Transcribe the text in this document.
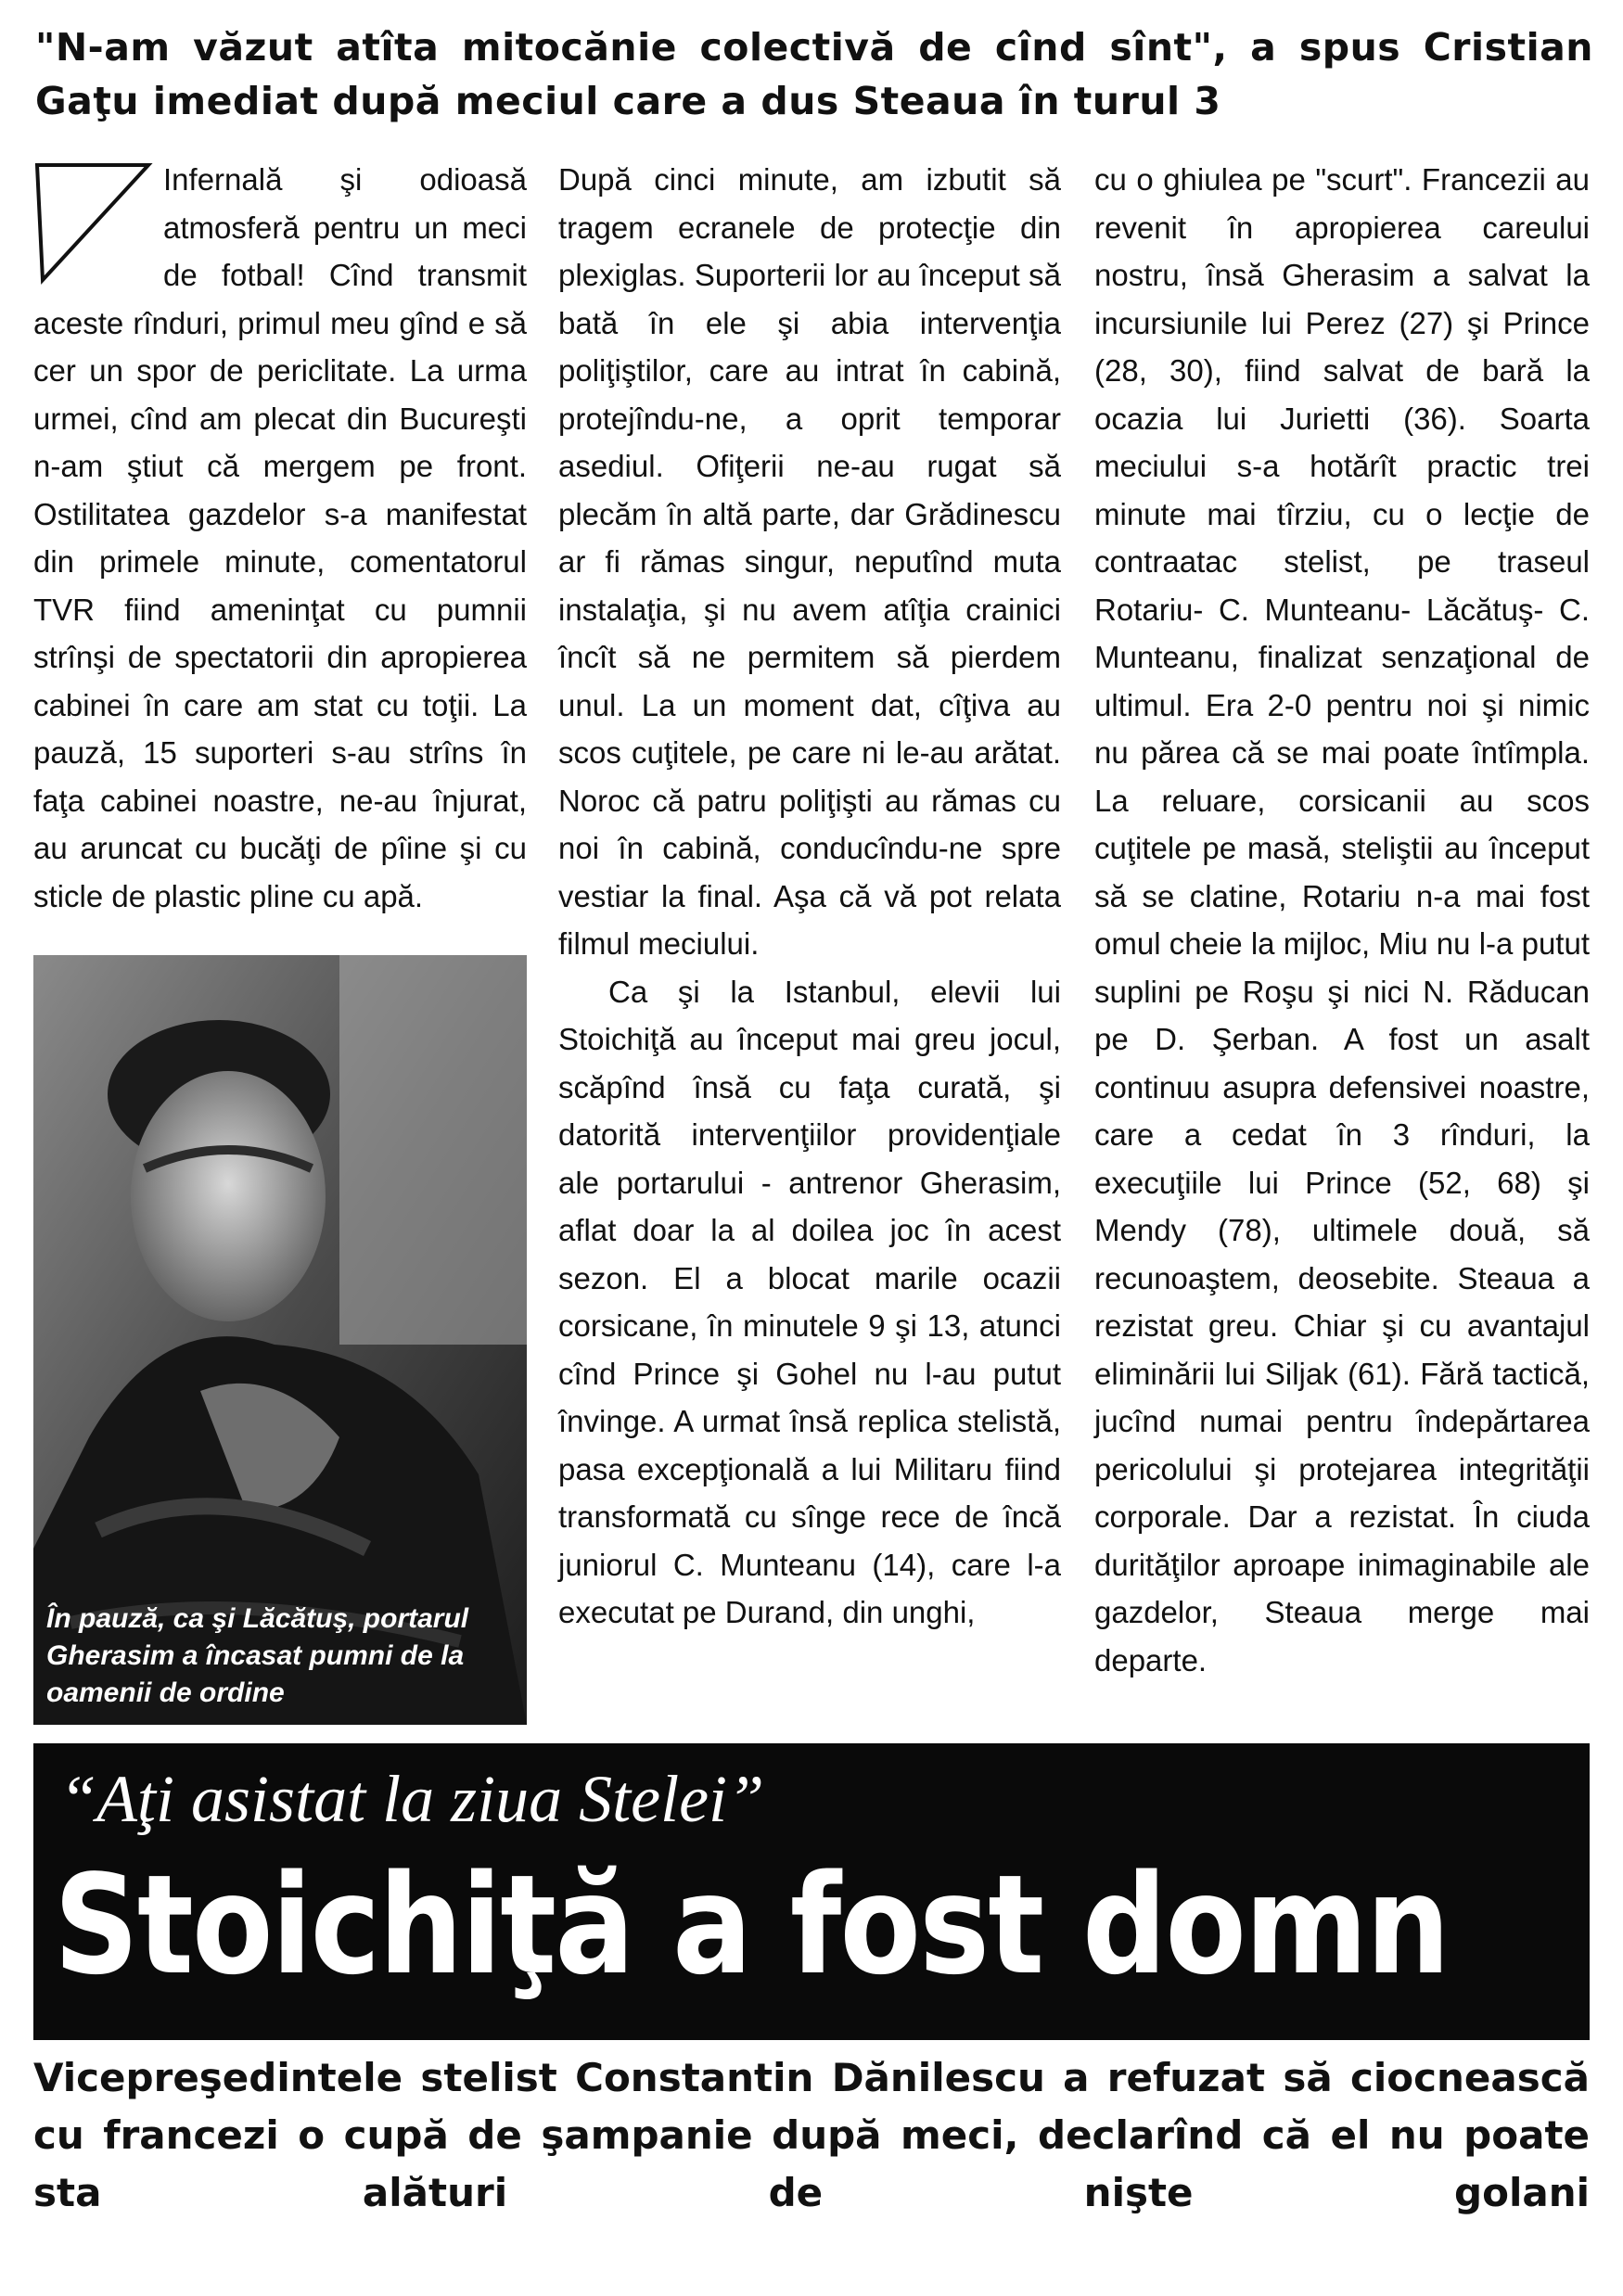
"N-am văzut atîta mitocănie colectivă de cînd sînt", a spus Cristian Gaţu imediat după meciul care a dus Steaua în turul 3

Infernală şi odioasă atmosferă pentru un meci de fotbal! Cînd transmit aceste rînduri, primul meu gînd e să cer un spor de periclitate. La urma urmei, cînd am plecat din Bucureşti n-am ştiut că mergem pe front. Ostilitatea gazdelor s-a manifestat din primele minute, comentatorul TVR fiind ameninţat cu pumnii strînşi de spectatorii din apropierea cabinei în care am stat cu toţii. La pauză, 15 suporteri s-au strîns în faţa cabinei noastre, ne-au înjurat, au aruncat cu bucăţi de pîine şi cu sticle de plastic pline cu apă.

În pauză, ca şi Lăcătuş, portarul Gherasim a încasat pumni de la oamenii de ordine

După cinci minute, am izbutit să tragem ecranele de protecţie din plexiglas. Suporterii lor au început să bată în ele şi abia intervenţia poliţiştilor, care au intrat în cabină, protejîndu-ne, a oprit temporar asediul. Ofiţerii ne-au rugat să plecăm în altă parte, dar Grădinescu ar fi rămas singur, neputînd muta instalaţia, şi nu avem atîţia crainici încît să ne permitem să pierdem unul. La un moment dat, cîţiva au scos cuţitele, pe care ni le-au arătat. Noroc că patru poliţişti au rămas cu noi în cabină, conducîndu-ne spre vestiar la final. Aşa că vă pot relata filmul meciului.

Ca şi la Istanbul, elevii lui Stoichiţă au început mai greu jocul, scăpînd însă cu faţa curată, şi datorită intervenţiilor providenţiale ale portarului - antrenor Gherasim, aflat doar la al doilea joc în acest sezon. El a blocat marile ocazii corsicane, în minutele 9 şi 13, atunci cînd Prince şi Gohel nu l-au putut învinge. A urmat însă replica stelistă, pasa excepţională a lui Militaru fiind transformată cu sînge rece de încă juniorul C. Munteanu (14), care l-a executat pe Durand, din unghi,

cu o ghiulea pe "scurt". Francezii au revenit în apropierea careului nostru, însă Gherasim a salvat la incursiunile lui Perez (27) şi Prince (28, 30), fiind salvat de bară la ocazia lui Jurietti (36). Soarta meciului s-a hotărît practic trei minute mai tîrziu, cu o lecţie de contraatac stelist, pe traseul Rotariu- C. Munteanu- Lăcătuş- C. Munteanu, finalizat senzaţional de ultimul. Era 2-0 pentru noi şi nimic nu părea că se mai poate întîmpla. La reluare, corsicanii au scos cuţitele pe masă, steliştii au început să se clatine, Rotariu n-a mai fost omul cheie la mijloc, Miu nu l-a putut suplini pe Roşu şi nici N. Răducan pe D. Şerban. A fost un asalt continuu asupra defensivei noastre, care a cedat în 3 rînduri, la execuţiile lui Prince (52, 68) şi Mendy (78), ultimele două, să recunoaştem, deosebite. Steaua a rezistat greu. Chiar şi cu avantajul eliminării lui Siljak (61). Fără tactică, jucînd numai pentru îndepărtarea pericolului şi protejarea integrităţii corporale. Dar a rezistat. În ciuda durităţilor aproape inimaginabile ale gazdelor, Steaua merge mai departe.

“Aţi asistat la ziua Stelei”
Stoichiţă a fost domn
Vicepreşedintele stelist Constantin Dănilescu a refuzat să ciocnească cu francezi o cupă de şampanie după meci, declarînd că el nu poate sta alături de nişte golani
